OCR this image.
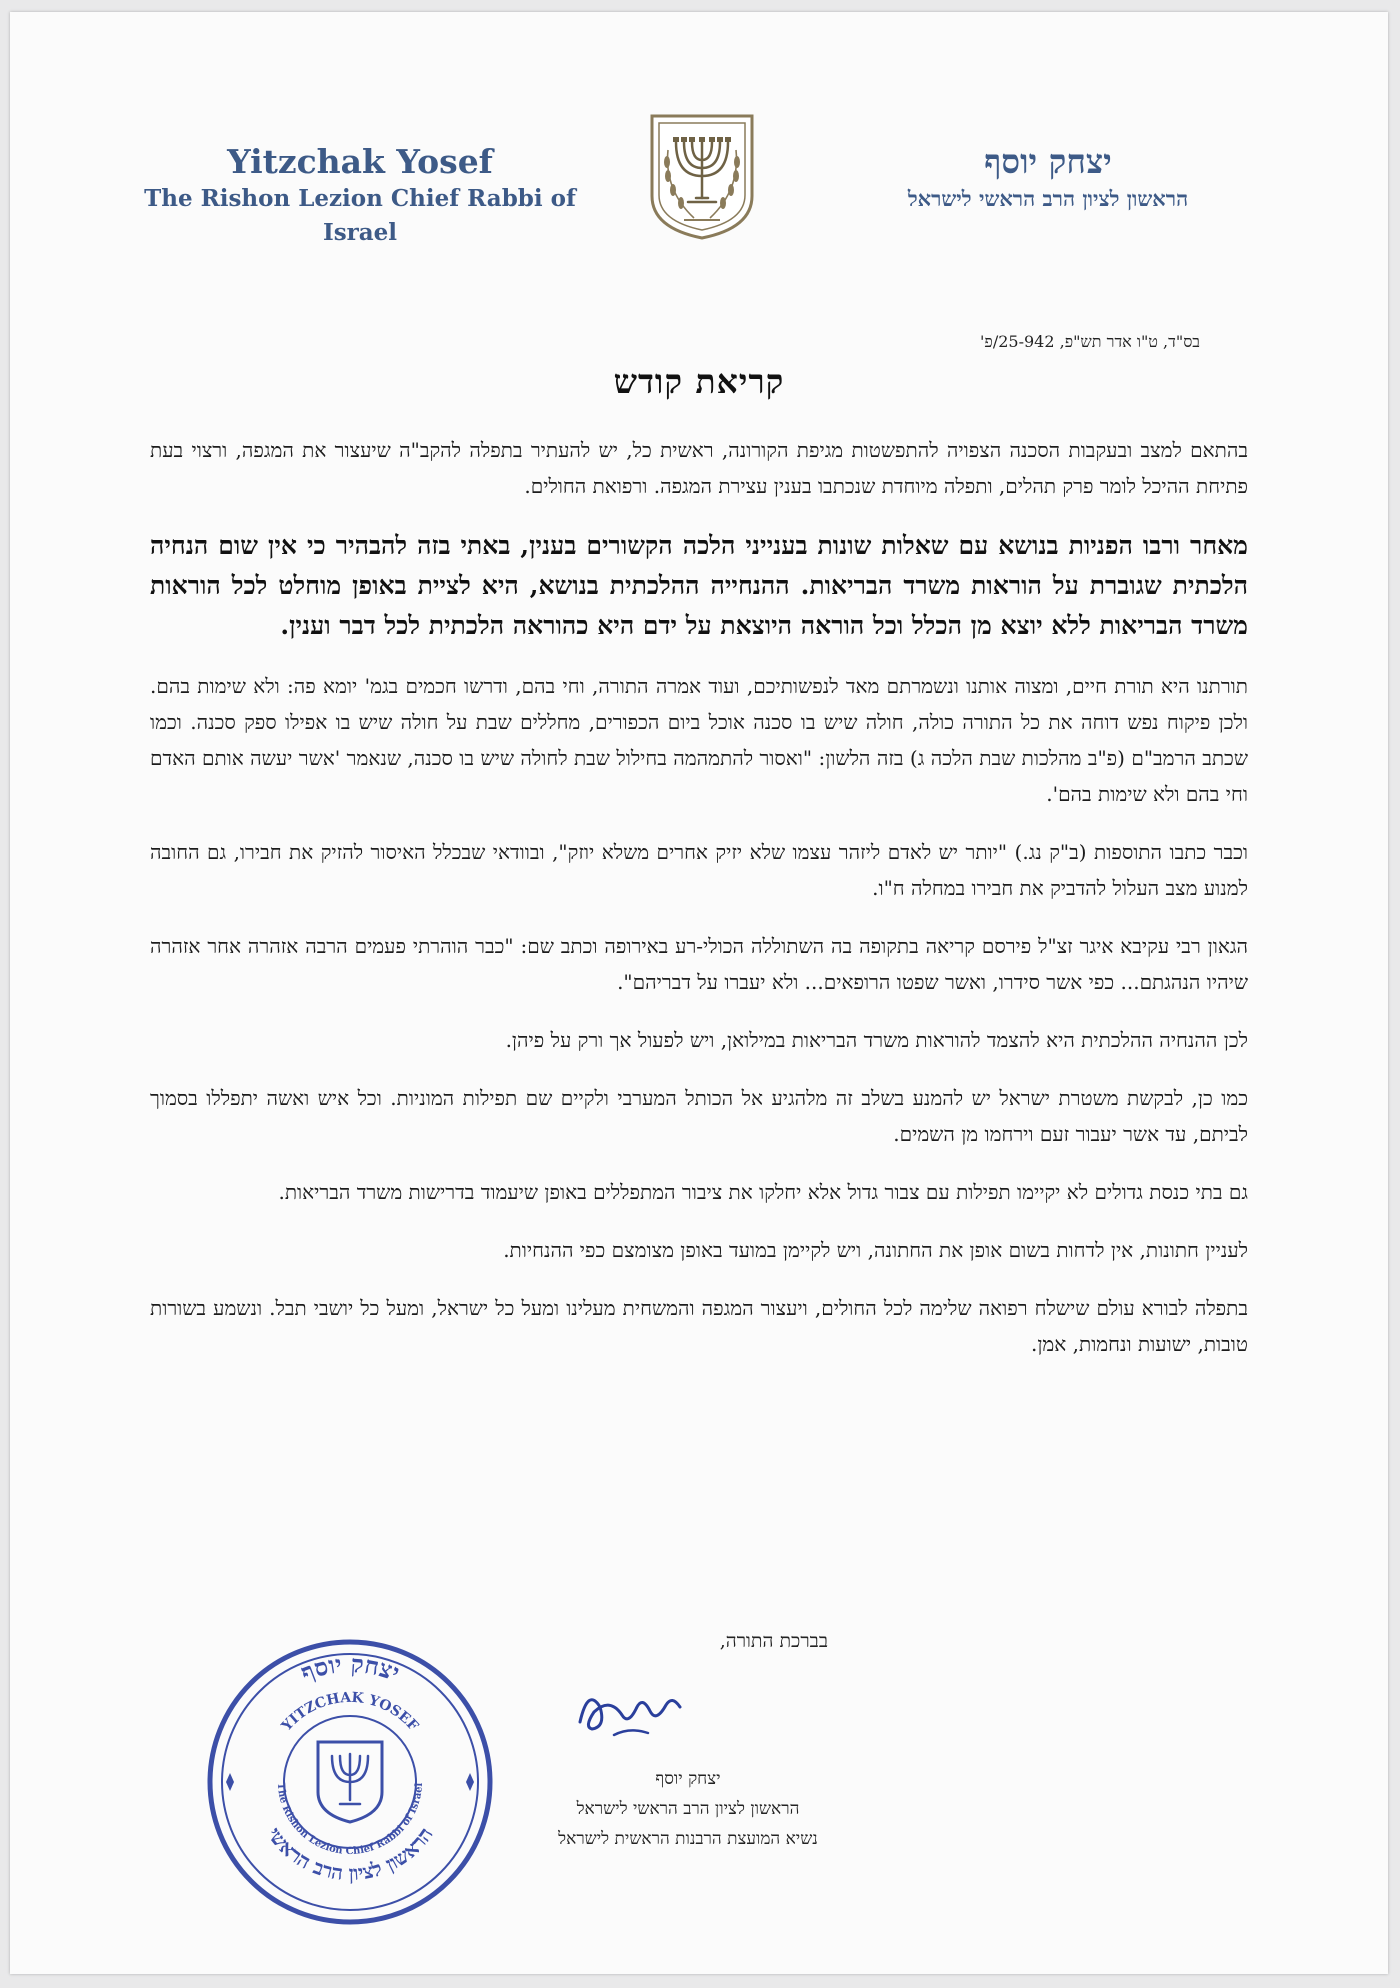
Yitzchak Yosef
The Rishon Lezion Chief Rabbi of Israel
יצחק יוסף
הראשון לציון הרב הראשי לישראל
בס"ד, ט"ו אדר תש"פ, 25-942/פ'
קריאת קודש

בהתאם למצב ובעקבות הסכנה הצפויה להתפשטות מגיפת הקורונה, ראשית כל, יש להעתיר בתפלה להקב"ה שיעצור את המגפה, ורצוי בעת פתיחת ההיכל לומר פרק תהלים, ותפלה מיוחדת שנכתבו בענין עצירת המגפה. ורפואת החולים.

מאחר ורבו הפניות בנושא עם שאלות שונות בענייני הלכה הקשורים בענין, באתי בזה להבהיר כי אין שום הנחיה הלכתית שגוברת על הוראות משרד הבריאות. ההנחייה ההלכתית בנושא, היא לציית באופן מוחלט לכל הוראות משרד הבריאות ללא יוצא מן הכלל וכל הוראה היוצאת על ידם היא כהוראה הלכתית לכל דבר וענין.

תורתנו היא תורת חיים, ומצוה אותנו ונשמרתם מאד לנפשותיכם, ועוד אמרה התורה, וחי בהם, ודרשו חכמים בגמ' יומא פה: ולא שימות בהם. ולכן פיקוח נפש דוחה את כל התורה כולה, חולה שיש בו סכנה אוכל ביום הכפורים, מחללים שבת על חולה שיש בו אפילו ספק סכנה. וכמו שכתב הרמב"ם (פ"ב מהלכות שבת הלכה ג) בזה הלשון: "ואסור להתמהמה בחילול שבת לחולה שיש בו סכנה, שנאמר 'אשר יעשה אותם האדם וחי בהם ולא שימות בהם'.

וכבר כתבו התוספות (ב"ק נג.) "יותר יש לאדם ליזהר עצמו שלא יזיק אחרים משלא יוזק", ובוודאי שבכלל האיסור להזיק את חבירו, גם החובה למנוע מצב העלול להדביק את חבירו במחלה ח"ו.

הגאון רבי עקיבא איגר זצ"ל פירסם קריאה בתקופה בה השתוללה הכולי-רע באירופה וכתב שם: "כבר הוהרתי פעמים הרבה אזהרה אחר אזהרה שיהיו הנהגתם... כפי אשר סידרו, ואשר שפטו הרופאים... ולא יעברו על דבריהם".

לכן ההנחיה ההלכתית היא להצמד להוראות משרד הבריאות במילואן, ויש לפעול אך ורק על פיהן.

כמו כן, לבקשת משטרת ישראל יש להמנע בשלב זה מלהגיע אל הכותל המערבי ולקיים שם תפילות המוניות. וכל איש ואשה יתפללו בסמוך לביתם, עד אשר יעבור זעם וירחמו מן השמים.

גם בתי כנסת גדולים לא יקיימו תפילות עם צבור גדול אלא יחלקו את ציבור המתפללים באופן שיעמוד בדרישות משרד הבריאות.

לעניין חתונות, אין לדחות בשום אופן את החתונה, ויש לקיימן במועד באופן מצומצם כפי ההנחיות.

בתפלה לבורא עולם שישלח רפואה שלימה לכל החולים, ויעצור המגפה והמשחית מעלינו ומעל כל ישראל, ומעל כל יושבי תבל. ונשמע בשורות טובות, ישועות ונחמות, אמן.

בברכת התורה,
יצחק יוסף
הראשון לציון הרב הראשי לישראל
נשיא המועצת הרבנות הראשית לישראל
יצחק יוסף
הראשון לציון הרב הראשי
YITZCHAK YOSEF
The Rishon Lezion Chief Rabbi of Israel
